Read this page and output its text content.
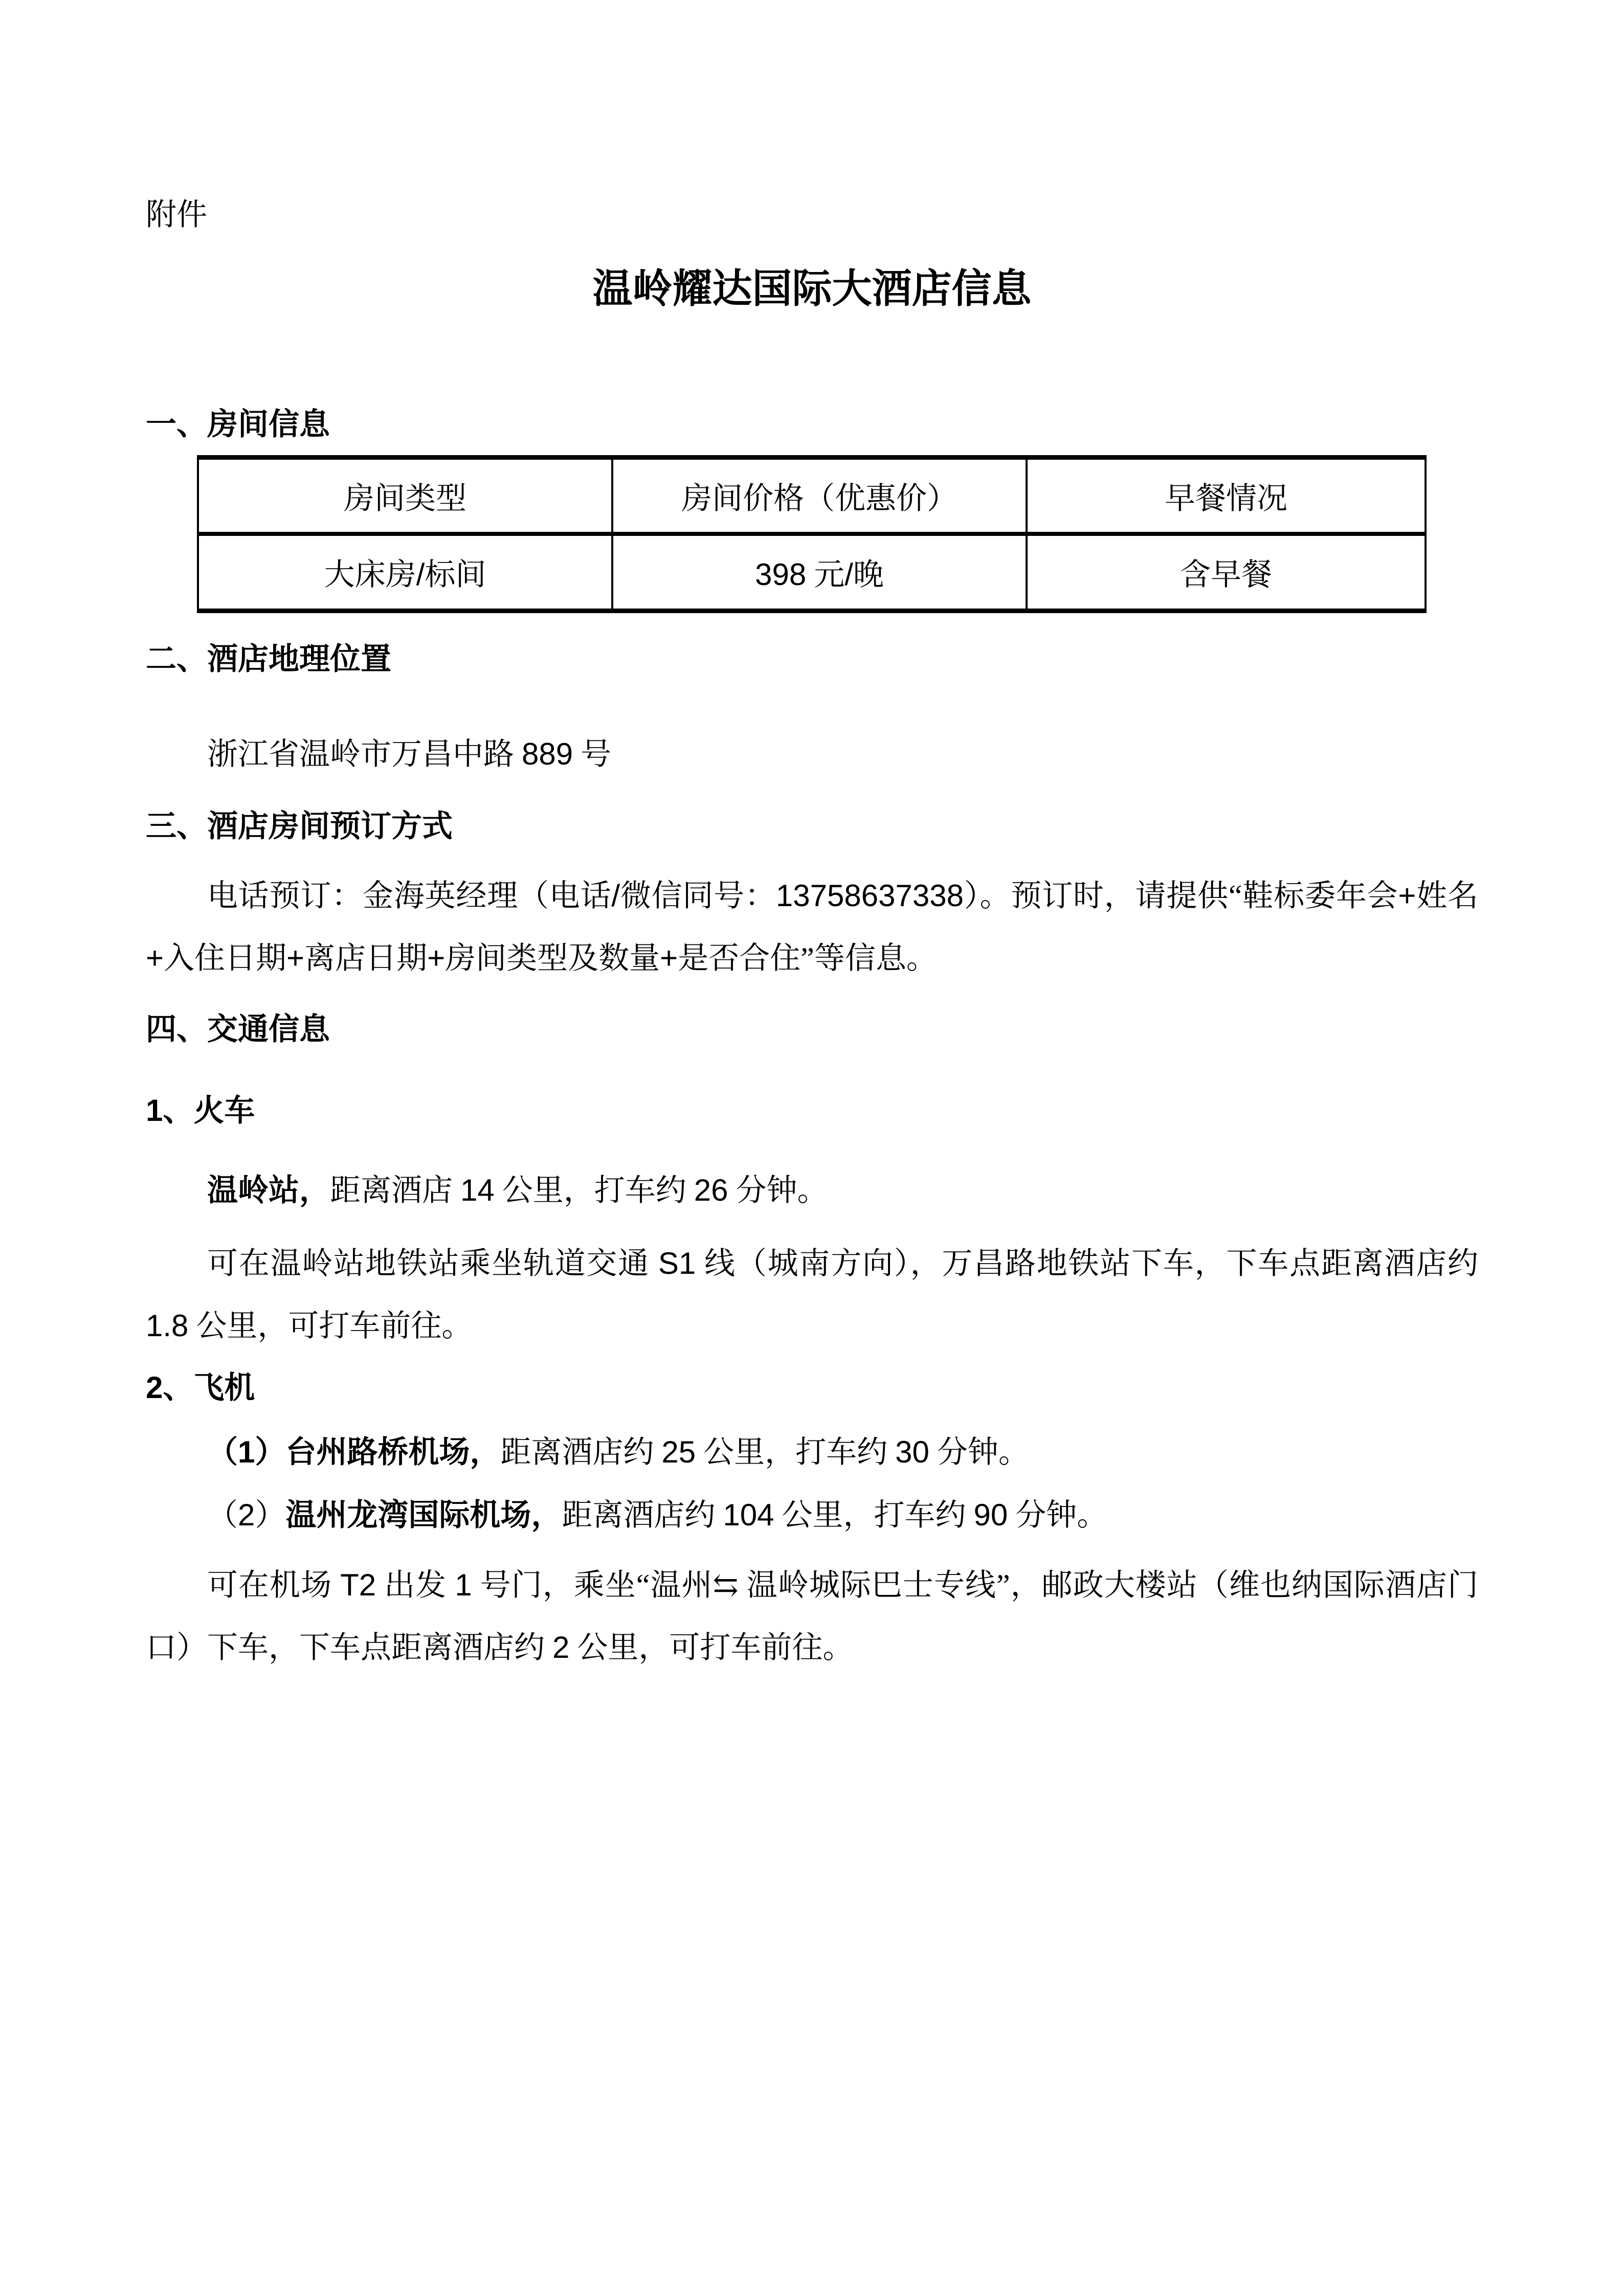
附件

温岭耀达国际大酒店信息
一、房间信息
房间类型	房间价格（优惠价）	早餐情况
大床房/标间	398 元/晚	含早餐
二、酒店地理位置

浙江省温岭市万昌中路 889 号

三、酒店房间预订方式

电话预订：金海英经理（电话/微信同号：13758637338）。预订时，请提供“鞋标委年会+姓名+入住日期+离店日期+房间类型及数量+是否合住”等信息。

四、交通信息
1、火车

温岭站，距离酒店 14 公里，打车约 26 分钟。

可在温岭站地铁站乘坐轨道交通 S1 线（城南方向），万昌路地铁站下车，下车点距离酒店约 1.8 公里，可打车前往。

2、飞机

（1）台州路桥机场，距离酒店约 25 公里，打车约 30 分钟。

（2）温州龙湾国际机场，距离酒店约 104 公里，打车约 90 分钟。

可在机场 T2 出发 1 号门，乘坐“温州⇆ 温岭城际巴士专线”，邮政大楼站（维也纳国际酒店门口）下车，下车点距离酒店约 2 公里，可打车前往。
